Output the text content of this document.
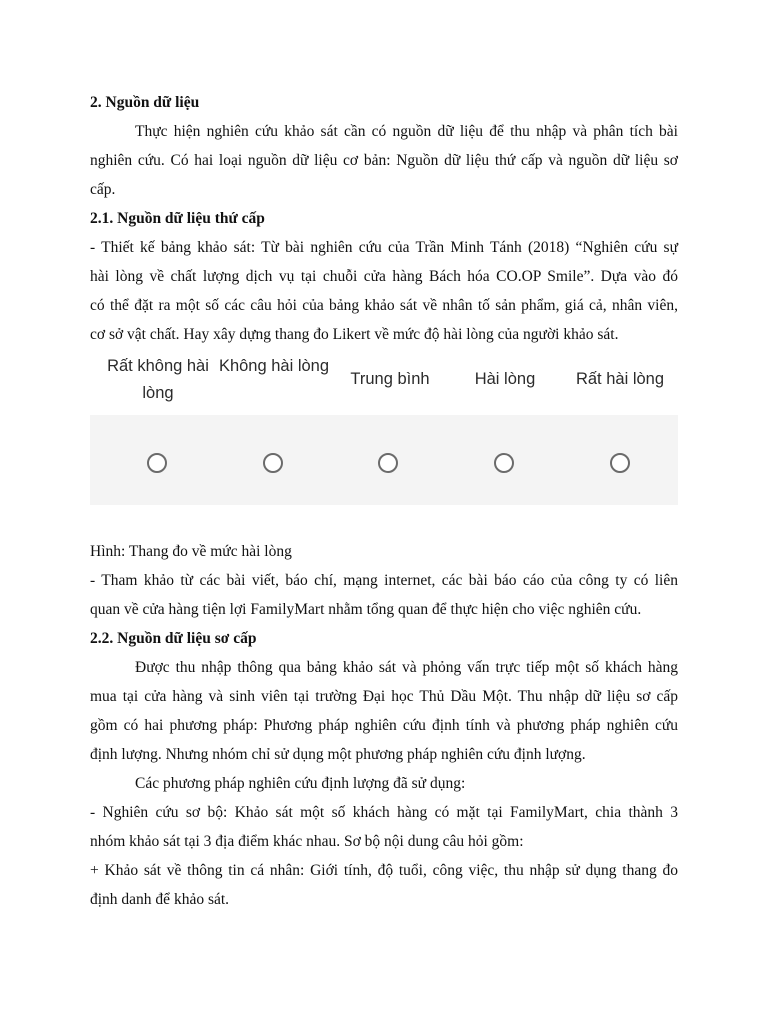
2. Nguồn dữ liệu
Thực hiện nghiên cứu khảo sát cần có nguồn dữ liệu để thu nhập và phân tích bài
nghiên cứu. Có hai loại nguồn dữ liệu cơ bản: Nguồn dữ liệu thứ cấp và nguồn dữ liệu sơ
cấp.
2.1. Nguồn dữ liệu thứ cấp
- Thiết kế bảng khảo sát: Từ bài nghiên cứu của Trần Minh Tánh (2018) “Nghiên cứu sự
hài lòng về chất lượng dịch vụ tại chuỗi cửa hàng Bách hóa CO.OP Smile”. Dựa vào đó
có thể đặt ra một số các câu hỏi của bảng khảo sát về nhân tố sản phẩm, giá cả, nhân viên,
cơ sở vật chất. Hay xây dựng thang đo Likert về mức độ hài lòng của người khảo sát.
Rất không hài lòng
Không hài lòng
Trung bình	Hài lòng	Rất hài lòng
Hình: Thang đo về mức hài lòng
- Tham khảo từ các bài viết, báo chí, mạng internet, các bài báo cáo của công ty có liên
quan về cửa hàng tiện lợi FamilyMart nhằm tổng quan để thực hiện cho việc nghiên cứu.
2.2. Nguồn dữ liệu sơ cấp
Được thu nhập thông qua bảng khảo sát và phỏng vấn trực tiếp một số khách hàng
mua tại cửa hàng và sinh viên tại trường Đại học Thủ Dầu Một. Thu nhập dữ liệu sơ cấp
gồm có hai phương pháp: Phương pháp nghiên cứu định tính và phương pháp nghiên cứu
định lượng. Nhưng nhóm chỉ sử dụng một phương pháp nghiên cứu định lượng.
Các phương pháp nghiên cứu định lượng đã sử dụng:
- Nghiên cứu sơ bộ: Khảo sát một số khách hàng có mặt tại FamilyMart, chia thành 3
nhóm khảo sát tại 3 địa điểm khác nhau. Sơ bộ nội dung câu hỏi gồm:
+ Khảo sát về thông tin cá nhân: Giới tính, độ tuổi, công việc, thu nhập sử dụng thang đo
định danh để khảo sát.
